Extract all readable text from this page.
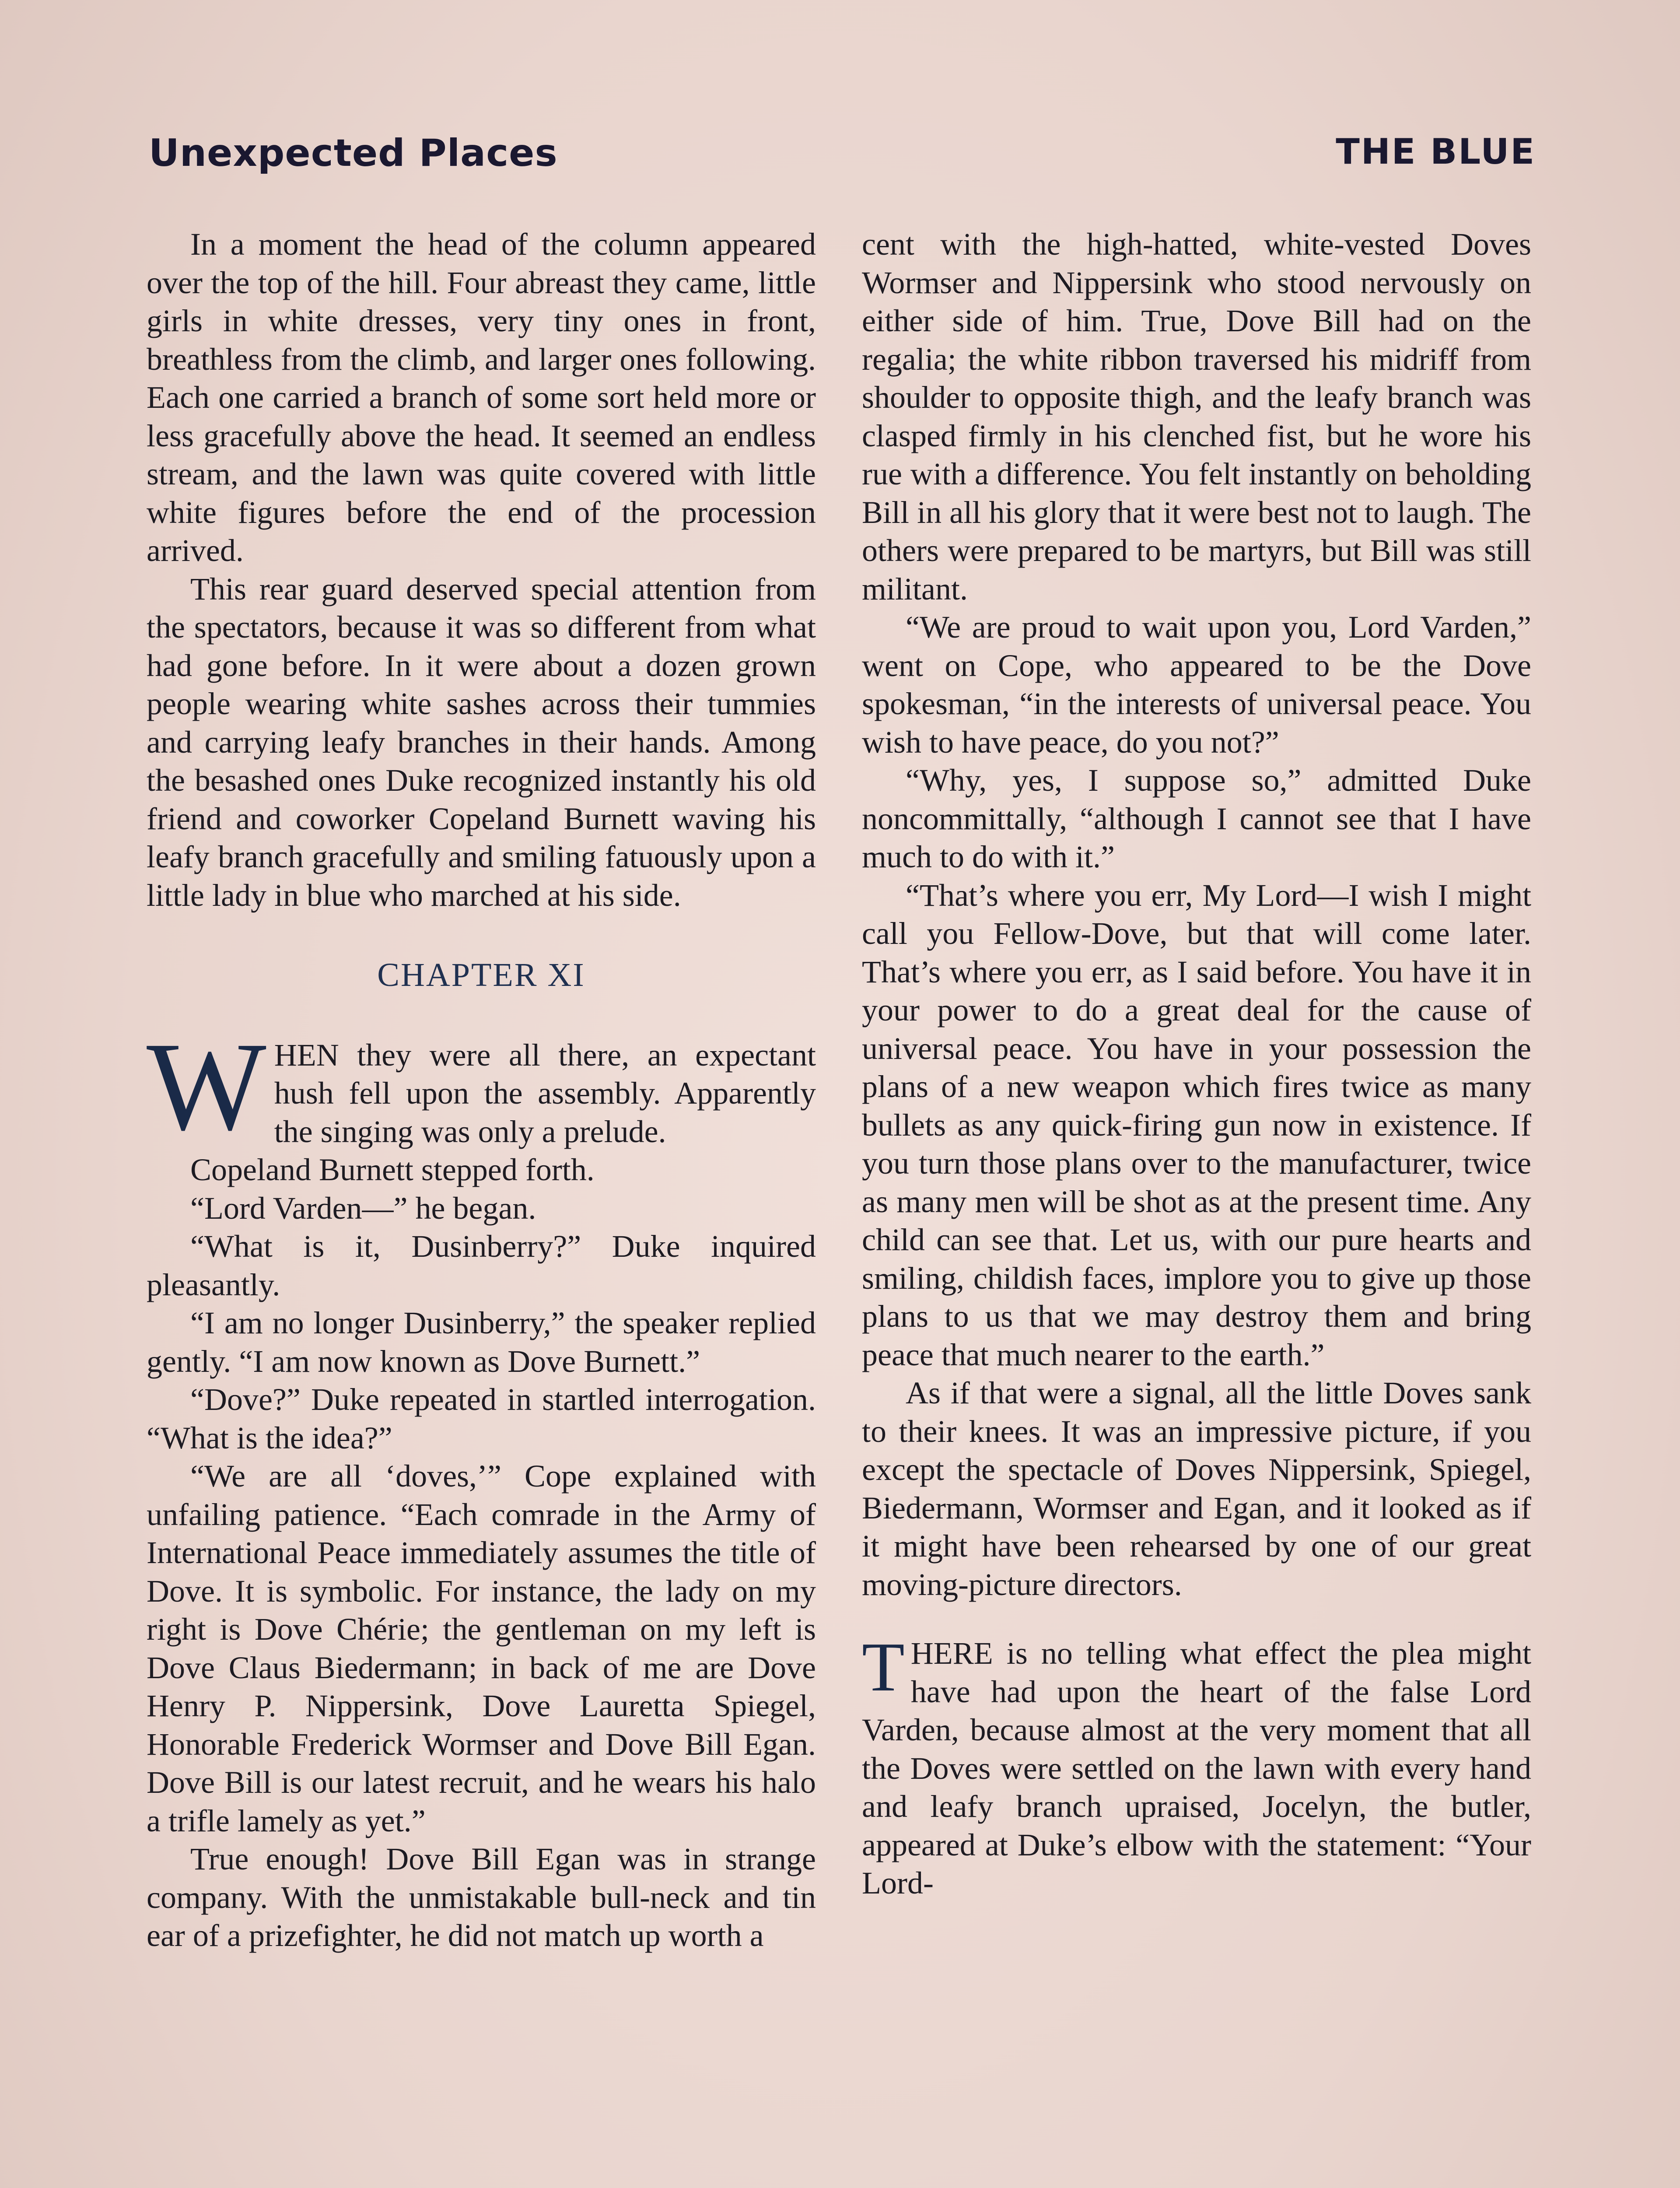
Unexpected Places	THE BLUE

In a moment the head of the column appeared over the top of the hill. Four abreast they came, little girls in white dresses, very tiny ones in front, breathless from the climb, and larger ones following. Each one carried a branch of some sort held more or less gracefully above the head. It seemed an endless stream, and the lawn was quite covered with little white figures before the end of the procession arrived.

This rear guard deserved special attention from the spectators, because it was so different from what had gone before. In it were about a dozen grown people wearing white sashes across their tummies and carrying leafy branches in their hands. Among the besashed ones Duke recognized instantly his old friend and coworker Copeland Burnett waving his leafy branch gracefully and smiling fatuously upon a little lady in blue who marched at his side.

CHAPTER XI

WHEN they were all there, an expectant hush fell upon the assembly. Apparently the singing was only a prelude.

Copeland Burnett stepped forth.

“Lord Varden—” he began.

“What is it, Dusinberry?” Duke inquired pleasantly.

“I am no longer Dusinberry,” the speaker replied gently. “I am now known as Dove Burnett.”

“Dove?” Duke repeated in startled interrogation. “What is the idea?”

“We are all ‘doves,’” Cope explained with unfailing patience. “Each comrade in the Army of International Peace immediately assumes the title of Dove. It is symbolic. For instance, the lady on my right is Dove Chérie; the gentleman on my left is Dove Claus Biedermann; in back of me are Dove Henry P. Nippersink, Dove Lauretta Spiegel, Honorable Frederick Wormser and Dove Bill Egan. Dove Bill is our latest recruit, and he wears his halo a trifle lamely as yet.”

True enough! Dove Bill Egan was in strange company. With the unmistakable bull-neck and tin ear of a prizefighter, he did not match up worth a

cent with the high-hatted, white-vested Doves Wormser and Nippersink who stood nervously on either side of him. True, Dove Bill had on the regalia; the white ribbon traversed his midriff from shoulder to opposite thigh, and the leafy branch was clasped firmly in his clenched fist, but he wore his rue with a difference. You felt instantly on beholding Bill in all his glory that it were best not to laugh. The others were prepared to be martyrs, but Bill was still militant.

“We are proud to wait upon you, Lord Varden,” went on Cope, who appeared to be the Dove spokesman, “in the interests of universal peace. You wish to have peace, do you not?”

“Why, yes, I suppose so,” admitted Duke noncommittally, “although I cannot see that I have much to do with it.”

“That’s where you err, My Lord—I wish I might call you Fellow-Dove, but that will come later. That’s where you err, as I said before. You have it in your power to do a great deal for the cause of universal peace. You have in your possession the plans of a new weapon which fires twice as many bullets as any quick-firing gun now in existence. If you turn those plans over to the manufacturer, twice as many men will be shot as at the present time. Any child can see that. Let us, with our pure hearts and smiling, childish faces, implore you to give up those plans to us that we may destroy them and bring peace that much nearer to the earth.”

As if that were a signal, all the little Doves sank to their knees. It was an impressive picture, if you except the spectacle of Doves Nippersink, Spiegel, Biedermann, Wormser and Egan, and it looked as if it might have been rehearsed by one of our great moving-picture directors.

THERE is no telling what effect the plea might have had upon the heart of the false Lord Varden, because almost at the very moment that all the Doves were settled on the lawn with every hand and leafy branch upraised, Jocelyn, the butler, appeared at Duke’s elbow with the statement: “Your Lord-
